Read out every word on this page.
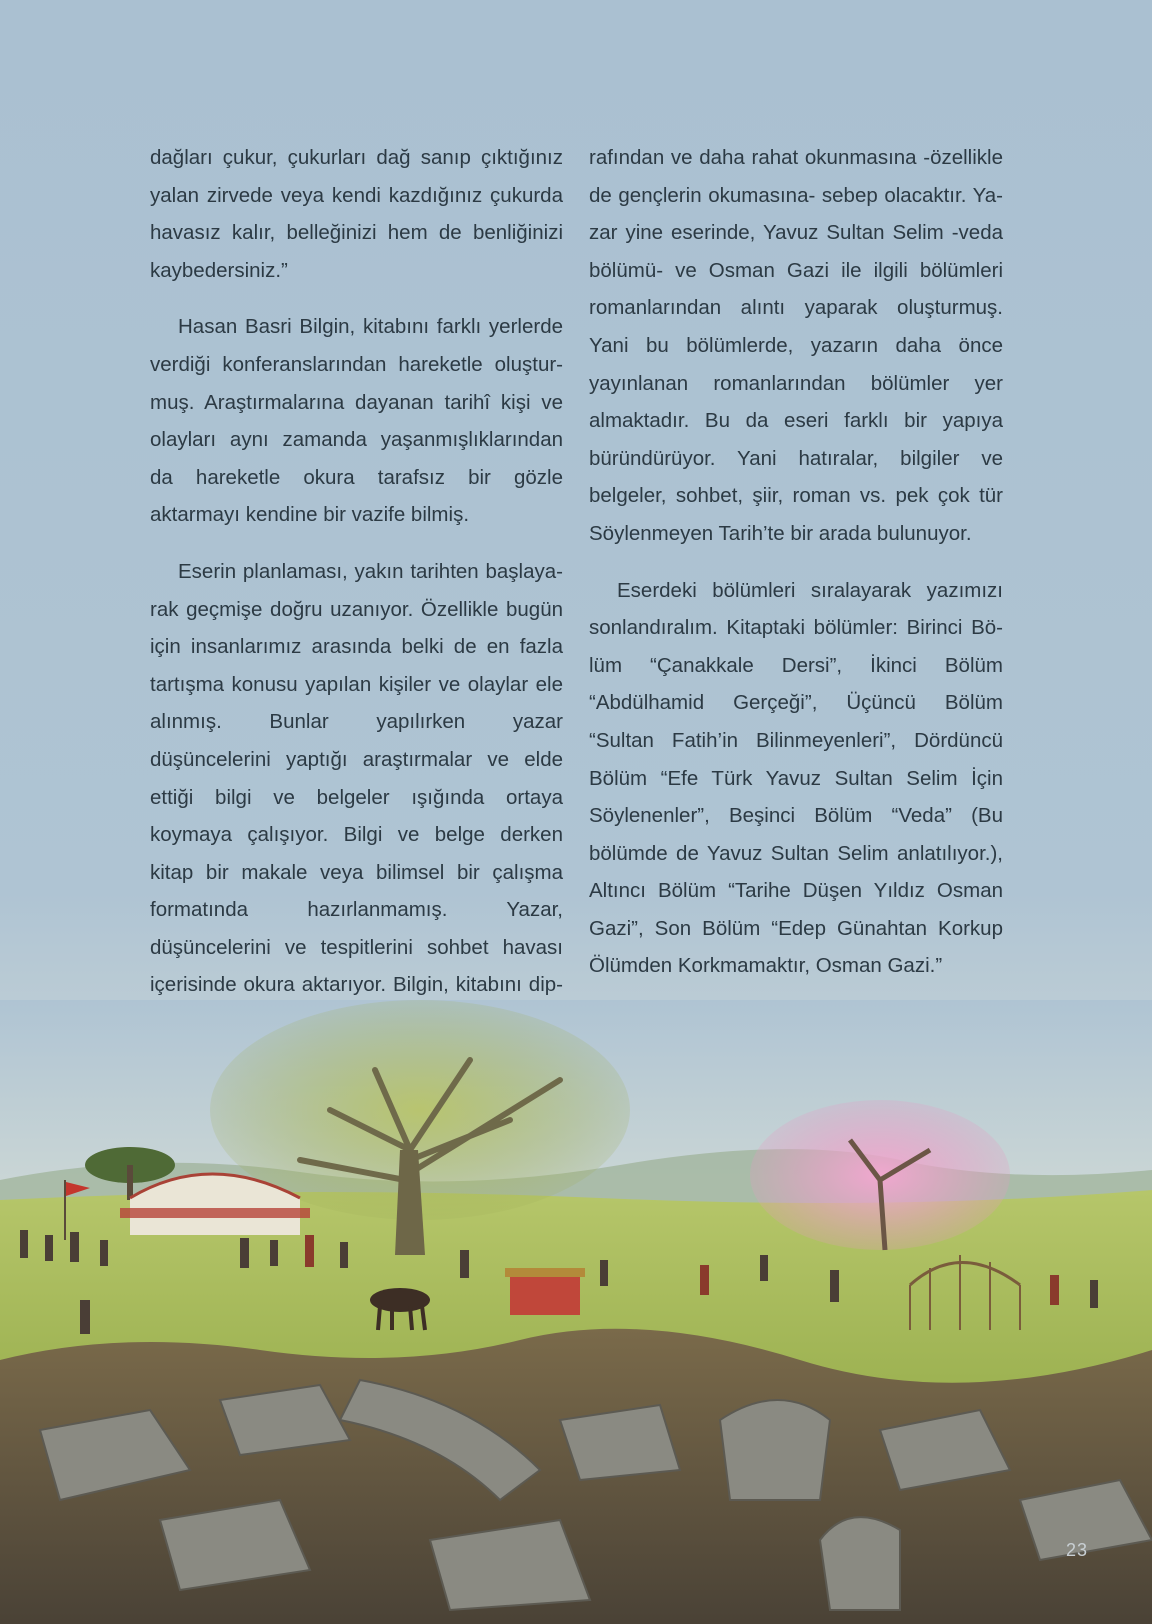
dağları çukur, çukurları dağ sanıp çıktığınız yalan zirvede veya kendi kazdığınız çukurda havasız kalır, belleğinizi hem de benliğinizi kaybedersiniz.”

Hasan Basri Bilgin, kitabını farklı yerlerde verdiği konferanslarından hareketle oluşturmuş. Araştırmalarına dayanan tarihî kişi ve olayları aynı zamanda yaşanmışlıklarından da hareketle okura tarafsız bir gözle aktarmayı kendine bir vazife bilmiş.

Eserin planlaması, yakın tarihten başlayarak geçmişe doğru uzanıyor. Özellikle bugün için insanlarımız arasında belki de en fazla tartışma konusu yapılan kişiler ve olaylar ele alınmış. Bunlar yapılırken yazar düşüncelerini yaptığı araştırmalar ve elde ettiği bilgi ve belgeler ışığında ortaya koymaya çalışıyor. Bilgi ve belge derken kitap bir makale veya bilimsel bir çalışma formatında hazırlanmamış. Yazar, düşüncelerini ve tespitlerini sohbet havası içerisinde okura aktarıyor. Bilgin, kitabını dip

rafından ve daha rahat okunmasına -özellikle de gençlerin okumasına- sebep olacaktır. Yazar yine eserinde, Yavuz Sultan Selim -veda bölümü- ve Osman Gazi ile ilgili bölümleri romanlarından alıntı yaparak oluşturmuş. Yani bu bölümlerde, yazarın daha önce yayınlanan romanlarından bölümler yer almaktadır. Bu da eseri farklı bir yapıya büründürüyor. Yani hatıralar, bilgiler ve belgeler, sohbet, şiir, roman vs. pek çok tür Söylenmeyen Tarih’te bir arada bulunuyor.

Eserdeki bölümleri sıralayarak yazımızı sonlandıralım. Kitaptaki bölümler: Birinci Bölüm “Çanakkale Dersi”, İkinci Bölüm “Abdülhamid Gerçeği”, Üçüncü Bölüm “Sultan Fatih’in Bilinmeyenleri”, Dördüncü Bölüm “Efe Türk Yavuz Sultan Selim İçin Söylenenler”, Beşinci Bölüm “Veda” (Bu bölümde de Yavuz Sultan Selim anlatılıyor.), Altıncı Bölüm “Tarihe Düşen Yıldız Osman Gazi”, Son Bölüm “Edep Günahtan Korkup Ölümden Korkmamaktır, Osman Gazi.”

23
